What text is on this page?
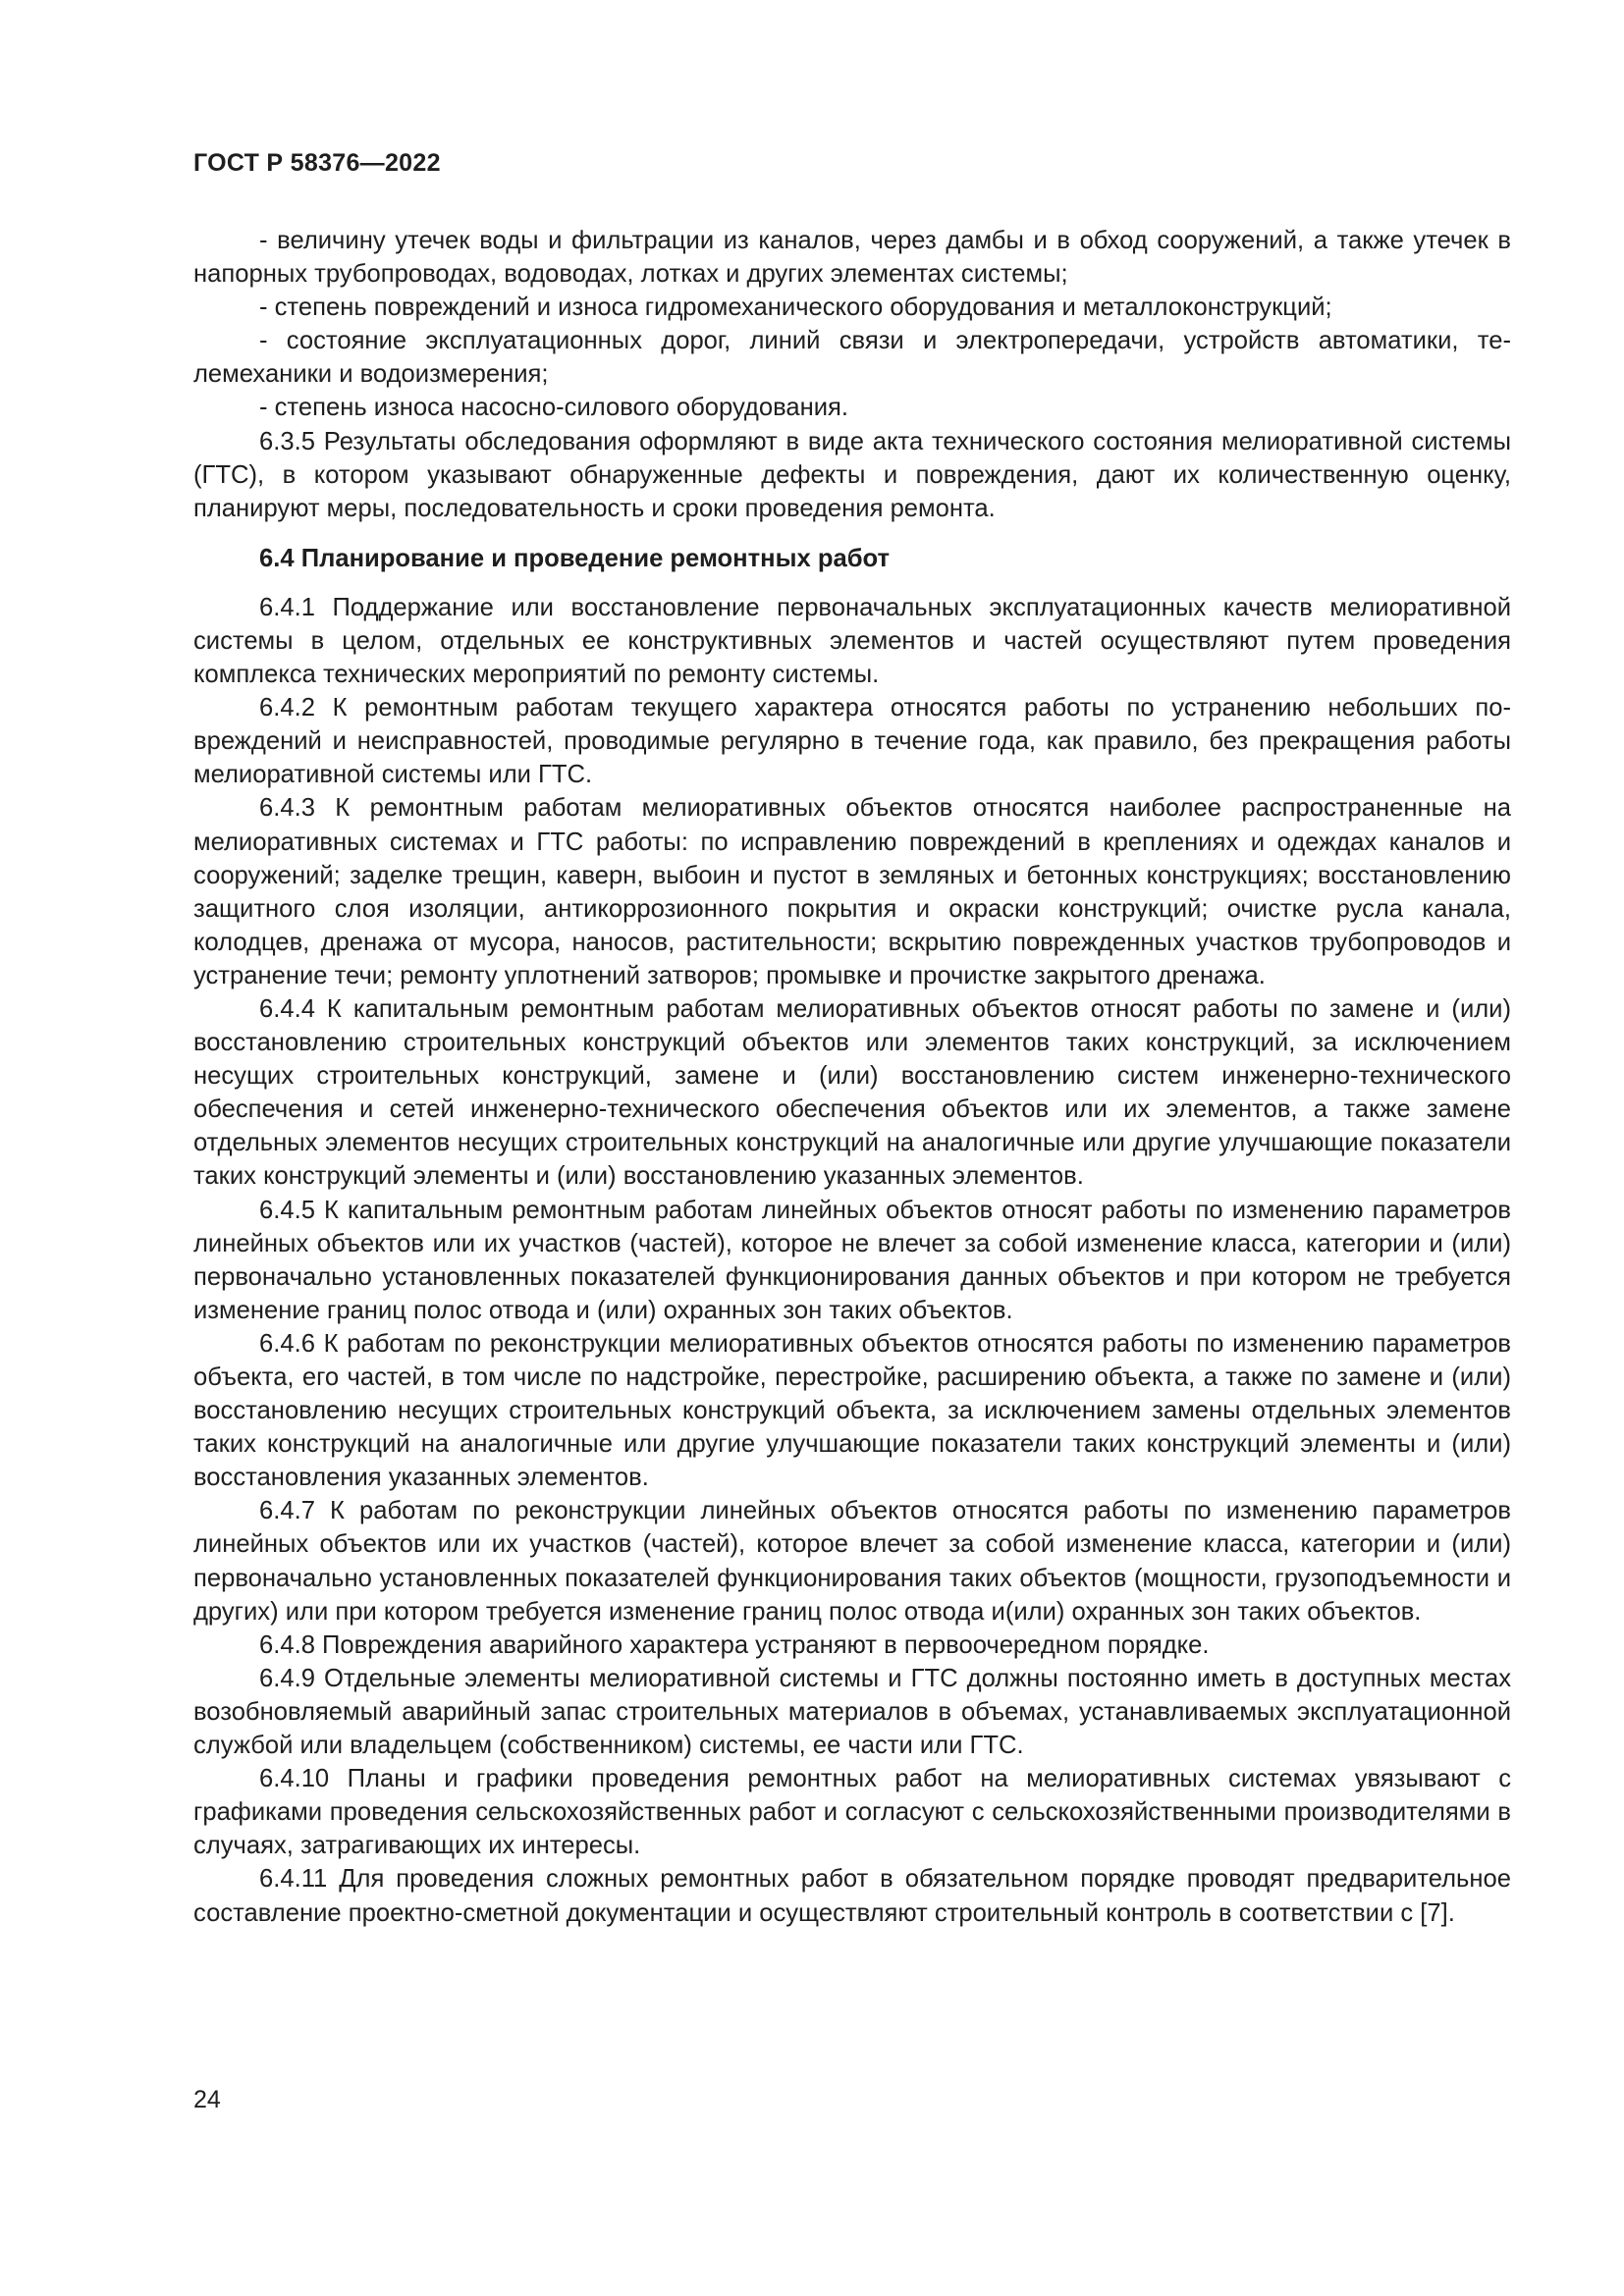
ГОСТ Р 58376—2022

- величину утечек воды и фильтрации из каналов, через дамбы и в обход сооружений, а также утечек в напорных трубопроводах, водоводах, лотках и других элементах системы;

- степень повреждений и износа гидромеханического оборудования и металлоконструкций;

- состояние эксплуатационных дорог, линий связи и электропередачи, устройств автоматики, телемеханики и водоизмерения;

- степень износа насосно-силового оборудования.

6.3.5 Результаты обследования оформляют в виде акта технического состояния мелиоративной системы (ГТС), в котором указывают обнаруженные дефекты и повреждения, дают их количественную оценку, планируют меры, последовательность и сроки проведения ремонта.

6.4 Планирование и проведение ремонтных работ

6.4.1 Поддержание или восстановление первоначальных эксплуатационных качеств мелиоративной системы в целом, отдельных ее конструктивных элементов и частей осуществляют путем проведения комплекса технических мероприятий по ремонту системы.

6.4.2 К ремонтным работам текущего характера относятся работы по устранению небольших повреждений и неисправностей, проводимые регулярно в течение года, как правило, без прекращения работы мелиоративной системы или ГТС.

6.4.3 К ремонтным работам мелиоративных объектов относятся наиболее распространенные на мелиоративных системах и ГТС работы: по исправлению повреждений в креплениях и одеждах каналов и сооружений; заделке трещин, каверн, выбоин и пустот в земляных и бетонных конструкциях; восстановлению защитного слоя изоляции, антикоррозионного покрытия и окраски конструкций; очистке русла канала, колодцев, дренажа от мусора, наносов, растительности; вскрытию поврежденных участков трубопроводов и устранение течи; ремонту уплотнений затворов; промывке и прочистке закрытого дренажа.

6.4.4 К капитальным ремонтным работам мелиоративных объектов относят работы по замене и (или) восстановлению строительных конструкций объектов или элементов таких конструкций, за исключением несущих строительных конструкций, замене и (или) восстановлению систем инженерно-технического обеспечения и сетей инженерно-технического обеспечения объектов или их элементов, а также замене отдельных элементов несущих строительных конструкций на аналогичные или другие улучшающие показатели таких конструкций элементы и (или) восстановлению указанных элементов.

6.4.5 К капитальным ремонтным работам линейных объектов относят работы по изменению параметров линейных объектов или их участков (частей), которое не влечет за собой изменение класса, категории и (или) первоначально установленных показателей функционирования данных объектов и при котором не требуется изменение границ полос отвода и (или) охранных зон таких объектов.

6.4.6 К работам по реконструкции мелиоративных объектов относятся работы по изменению параметров объекта, его частей, в том числе по надстройке, перестройке, расширению объекта, а также по замене и (или) восстановлению несущих строительных конструкций объекта, за исключением замены отдельных элементов таких конструкций на аналогичные или другие улучшающие показатели таких конструкций элементы и (или) восстановления указанных элементов.

6.4.7 К работам по реконструкции линейных объектов относятся работы по изменению параметров линейных объектов или их участков (частей), которое влечет за собой изменение класса, категории и (или) первоначально установленных показателей функционирования таких объектов (мощности, грузоподъемности и других) или при котором требуется изменение границ полос отвода и(или) охранных зон таких объектов.

6.4.8 Повреждения аварийного характера устраняют в первоочередном порядке.

6.4.9 Отдельные элементы мелиоративной системы и ГТС должны постоянно иметь в доступных местах возобновляемый аварийный запас строительных материалов в объемах, устанавливаемых эксплуатационной службой или владельцем (собственником) системы, ее части или ГТС.

6.4.10 Планы и графики проведения ремонтных работ на мелиоративных системах увязывают с графиками проведения сельскохозяйственных работ и согласуют с сельскохозяйственными производителями в случаях, затрагивающих их интересы.

6.4.11 Для проведения сложных ремонтных работ в обязательном порядке проводят предварительное составление проектно-сметной документации и осуществляют строительный контроль в соответствии с [7].

24
